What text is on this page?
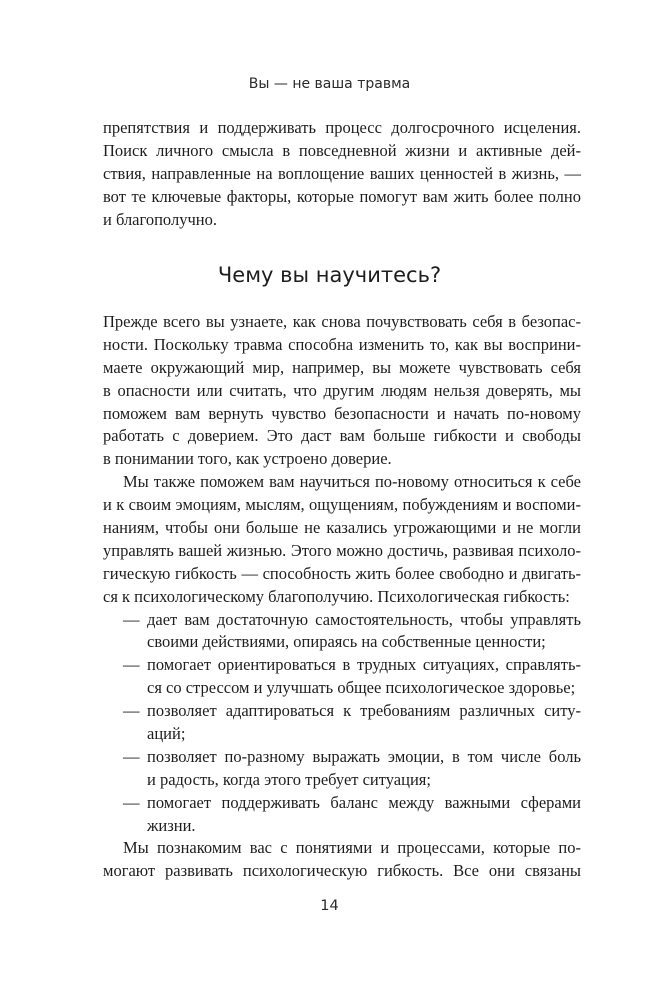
Вы — не ваша травма
препятствия и поддерживать процесс долгосрочного исцеления.
Поиск личного смысла в повседневной жизни и активные дей-
ствия, направленные на воплощение ваших ценностей в жизнь, —
вот те ключевые факторы, которые помогут вам жить более полно
и благополучно.
Чему вы научитесь?
Прежде всего вы узнаете, как снова почувствовать себя в безопас-
ности. Поскольку травма способна изменить то, как вы восприни-
маете окружающий мир, например, вы можете чувствовать себя
в опасности или считать, что другим людям нельзя доверять, мы
поможем вам вернуть чувство безопасности и начать по-новому
работать с доверием. Это даст вам больше гибкости и свободы
в понимании того, как устроено доверие.
Мы также поможем вам научиться по-новому относиться к себе
и к своим эмоциям, мыслям, ощущениям, побуждениям и воспоми-
наниям, чтобы они больше не казались угрожающими и не могли
управлять вашей жизнью. Этого можно достичь, развивая психоло-
гическую гибкость — способность жить более свободно и двигать-
ся к психологическому благополучию. Психологическая гибкость:
— дает вам достаточную самостоятельность, чтобы управлять
своими действиями, опираясь на собственные ценности;
— помогает ориентироваться в трудных ситуациях, справлять-
ся со стрессом и улучшать общее психологическое здоровье;
— позволяет адаптироваться к требованиям различных ситу-
аций;
— позволяет по-разному выражать эмоции, в том числе боль
и радость, когда этого требует ситуация;
— помогает поддерживать баланс между важными сферами
жизни.
Мы познакомим вас с понятиями и процессами, которые по-
могают развивать психологическую гибкость. Все они связаны
14
